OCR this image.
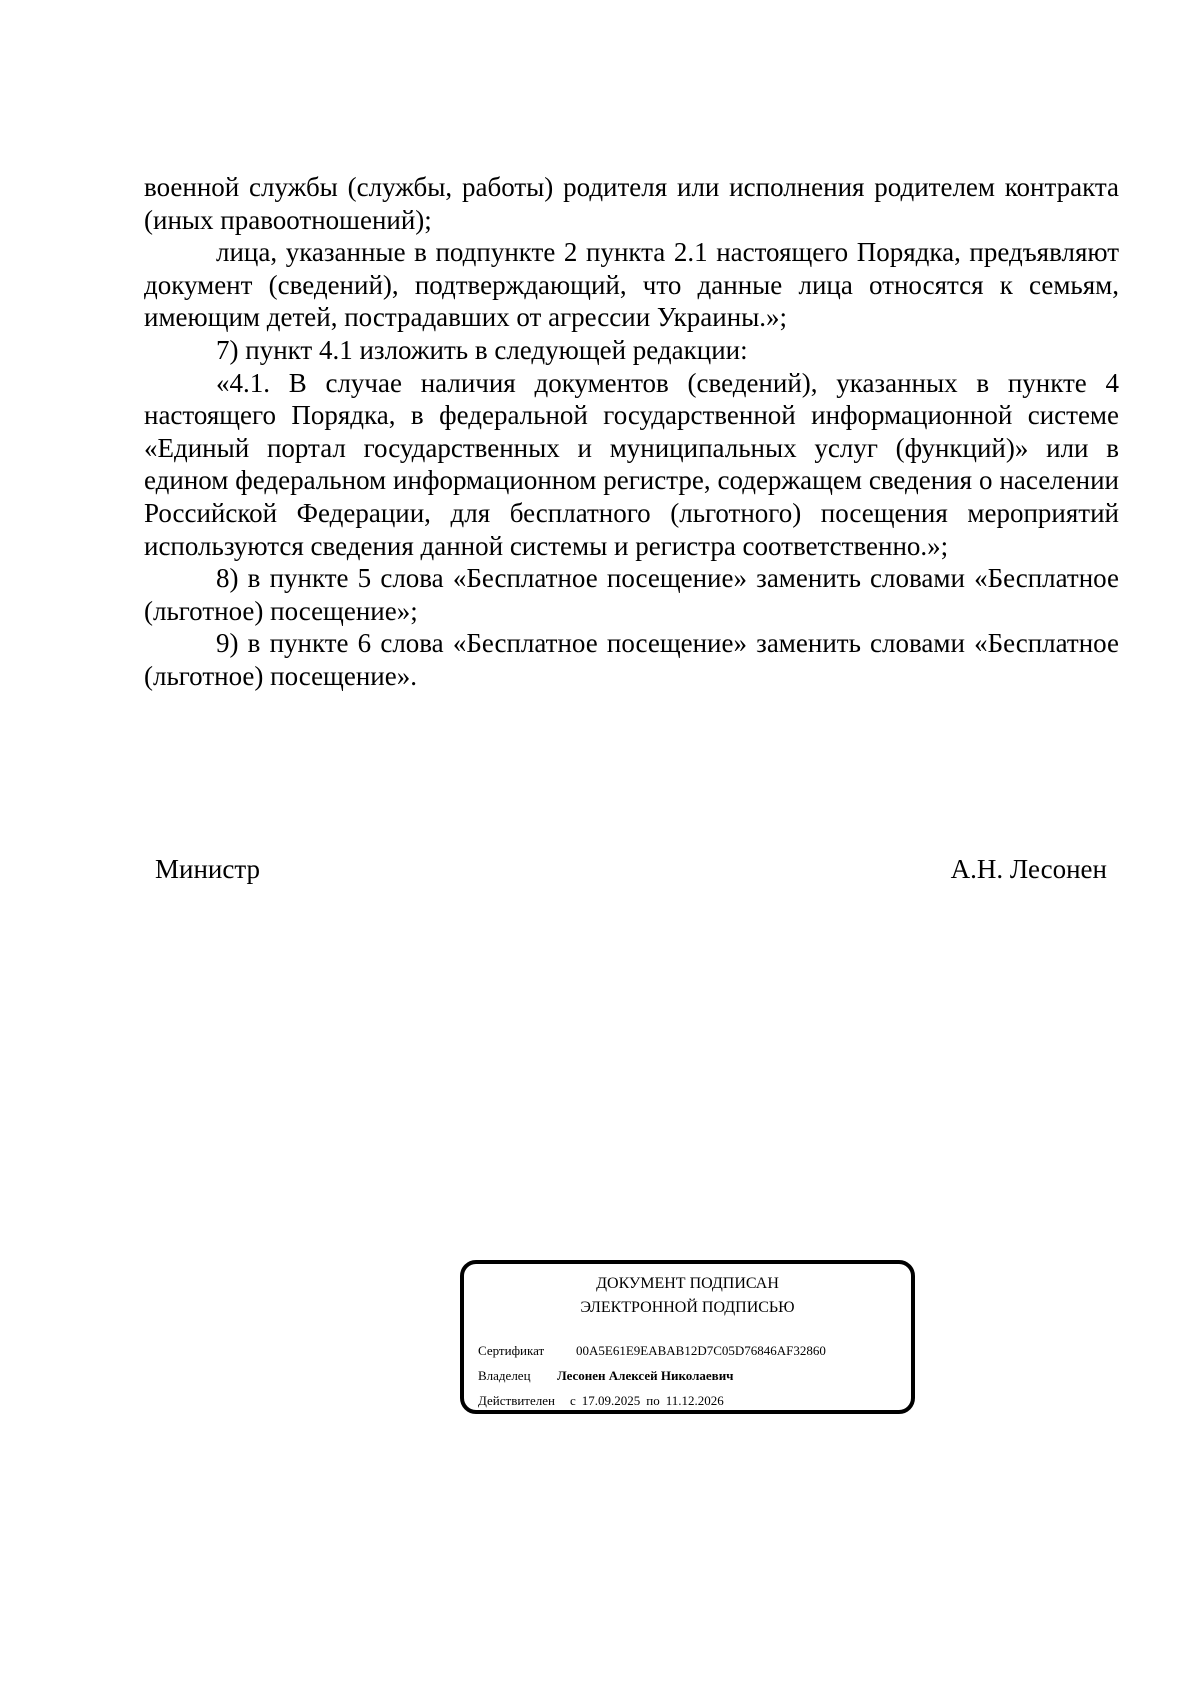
военной службы (службы, работы) родителя или исполнения родителем контракта (иных правоотношений);

лица, указанные в подпункте 2 пункта 2.1 настоящего Порядка, предъявляют документ (сведений), подтверждающий, что данные лица относятся к семьям, имеющим детей, пострадавших от агрессии Украины.»;

7) пункт 4.1 изложить в следующей редакции:

«4.1. В случае наличия документов (сведений), указанных в пункте 4 настоящего Порядка, в федеральной государственной информационной системе «Единый портал государственных и муниципальных услуг (функций)» или в едином федеральном информационном регистре, содержащем сведения о населении Российской Федерации, для бесплатного (льготного) посещения мероприятий используются сведения данной системы и регистра соответственно.»;

8) в пункте 5 слова «Бесплатное посещение» заменить словами «Бесплатное (льготное) посещение»;

9) в пункте 6 слова «Бесплатное посещение» заменить словами «Бесплатное (льготное) посещение».

Министр	А.Н. Лесонен
ДОКУМЕНТ ПОДПИСАН
ЭЛЕКТРОННОЙ ПОДПИСЬЮ
Сертификат 00A5E61E9EABAB12D7C05D76846AF32860
Владелец Лесонен Алексей Николаевич
Действителен с 17.09.2025 по 11.12.2026
